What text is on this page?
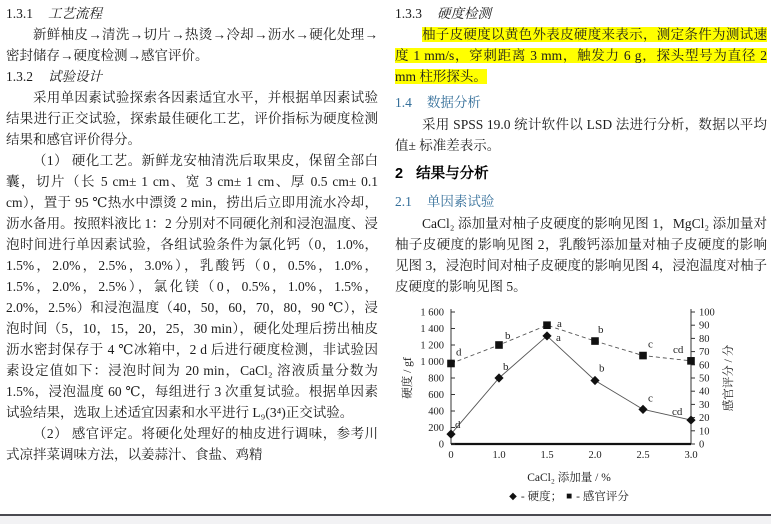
1.3.1 工艺流程

新鲜柚皮→清洗→切片→热烫→冷却→沥水→硬化处理→密封储存→硬度检测→感官评价。

1.3.2 试验设计

采用单因素试验探索各因素适宜水平，并根据单因素试验结果进行正交试验，探索最佳硬化工艺，评价指标为硬度检测结果和感官评价得分。

（1） 硬化工艺。新鲜龙安柚清洗后取果皮，保留全部白囊，切片（长 5 cm± 1 cm、宽 3 cm± 1 cm、厚 0.5 cm± 0.1 cm），置于 95 ℃热水中漂烫 2 min，捞出后立即用流水冷却，沥水备用。按照料液比 1：2 分别对不同硬化剂和浸泡温度、浸泡时间进行单因素试验，各组试验条件为氯化钙（0，1.0%，1.5%，2.0%，2.5%，3.0%），乳酸钙（0，0.5%，1.0%，1.5%，2.0%，2.5%），氯化镁（0，0.5%，1.0%，1.5%，2.0%，2.5%）和浸泡温度（40，50，60，70，80，90 ℃），浸泡时间（5，10，15，20，25，30 min），硬化处理后捞出柚皮沥水密封保存于 4 ℃冰箱中，2 d 后进行硬度检测，非试验因素设定值如下：浸泡时间为 20 min，CaCl₂ 溶液质量分数为 1.5%，浸泡温度 60 ℃，每组进行 3 次重复试验。根据单因素试验结果，选取上述适宜因素和水平进行 L₉(3⁴)正交试验。

（2） 感官评定。将硬化处理好的柚皮进行调味，参考川式凉拌菜调味方法，以姜蒜汁、食盐、鸡精

1.3.3 硬度检测

柚子皮硬度以黄色外表皮硬度来表示，测定条件为测试速度 1 mm/s，穿刺距离 3 mm，触发力 6 g，探头型号为直径 2 mm 柱形探头。

1.4 数据分析

采用 SPSS 19.0 统计软件以 LSD 法进行分析，数据以平均值± 标准差表示。

2 结果与分析
2.1 单因素试验

CaCl₂ 添加量对柚子皮硬度的影响见图 1，MgCl₂ 添加量对柚子皮硬度的影响见图 2，乳酸钙添加量对柚子皮硬度的影响见图 3，浸泡时间对柚子皮硬度的影响见图 4，浸泡温度对柚子皮硬度的影响见图 5。

0
200
400
600
800
1 000
1 200
1 400
1 600
0
10
20
30
40
50
60
70
80
90
100
0	1.0	1.5	2.0	2.5	3.0
硬度 / gf	感官评分 / 分
d
b
a
b
c
cd
d
b
a	b
c cd
CaCl₂ 添加量 / %
◆ - 硬度； ■ - 感官评分
